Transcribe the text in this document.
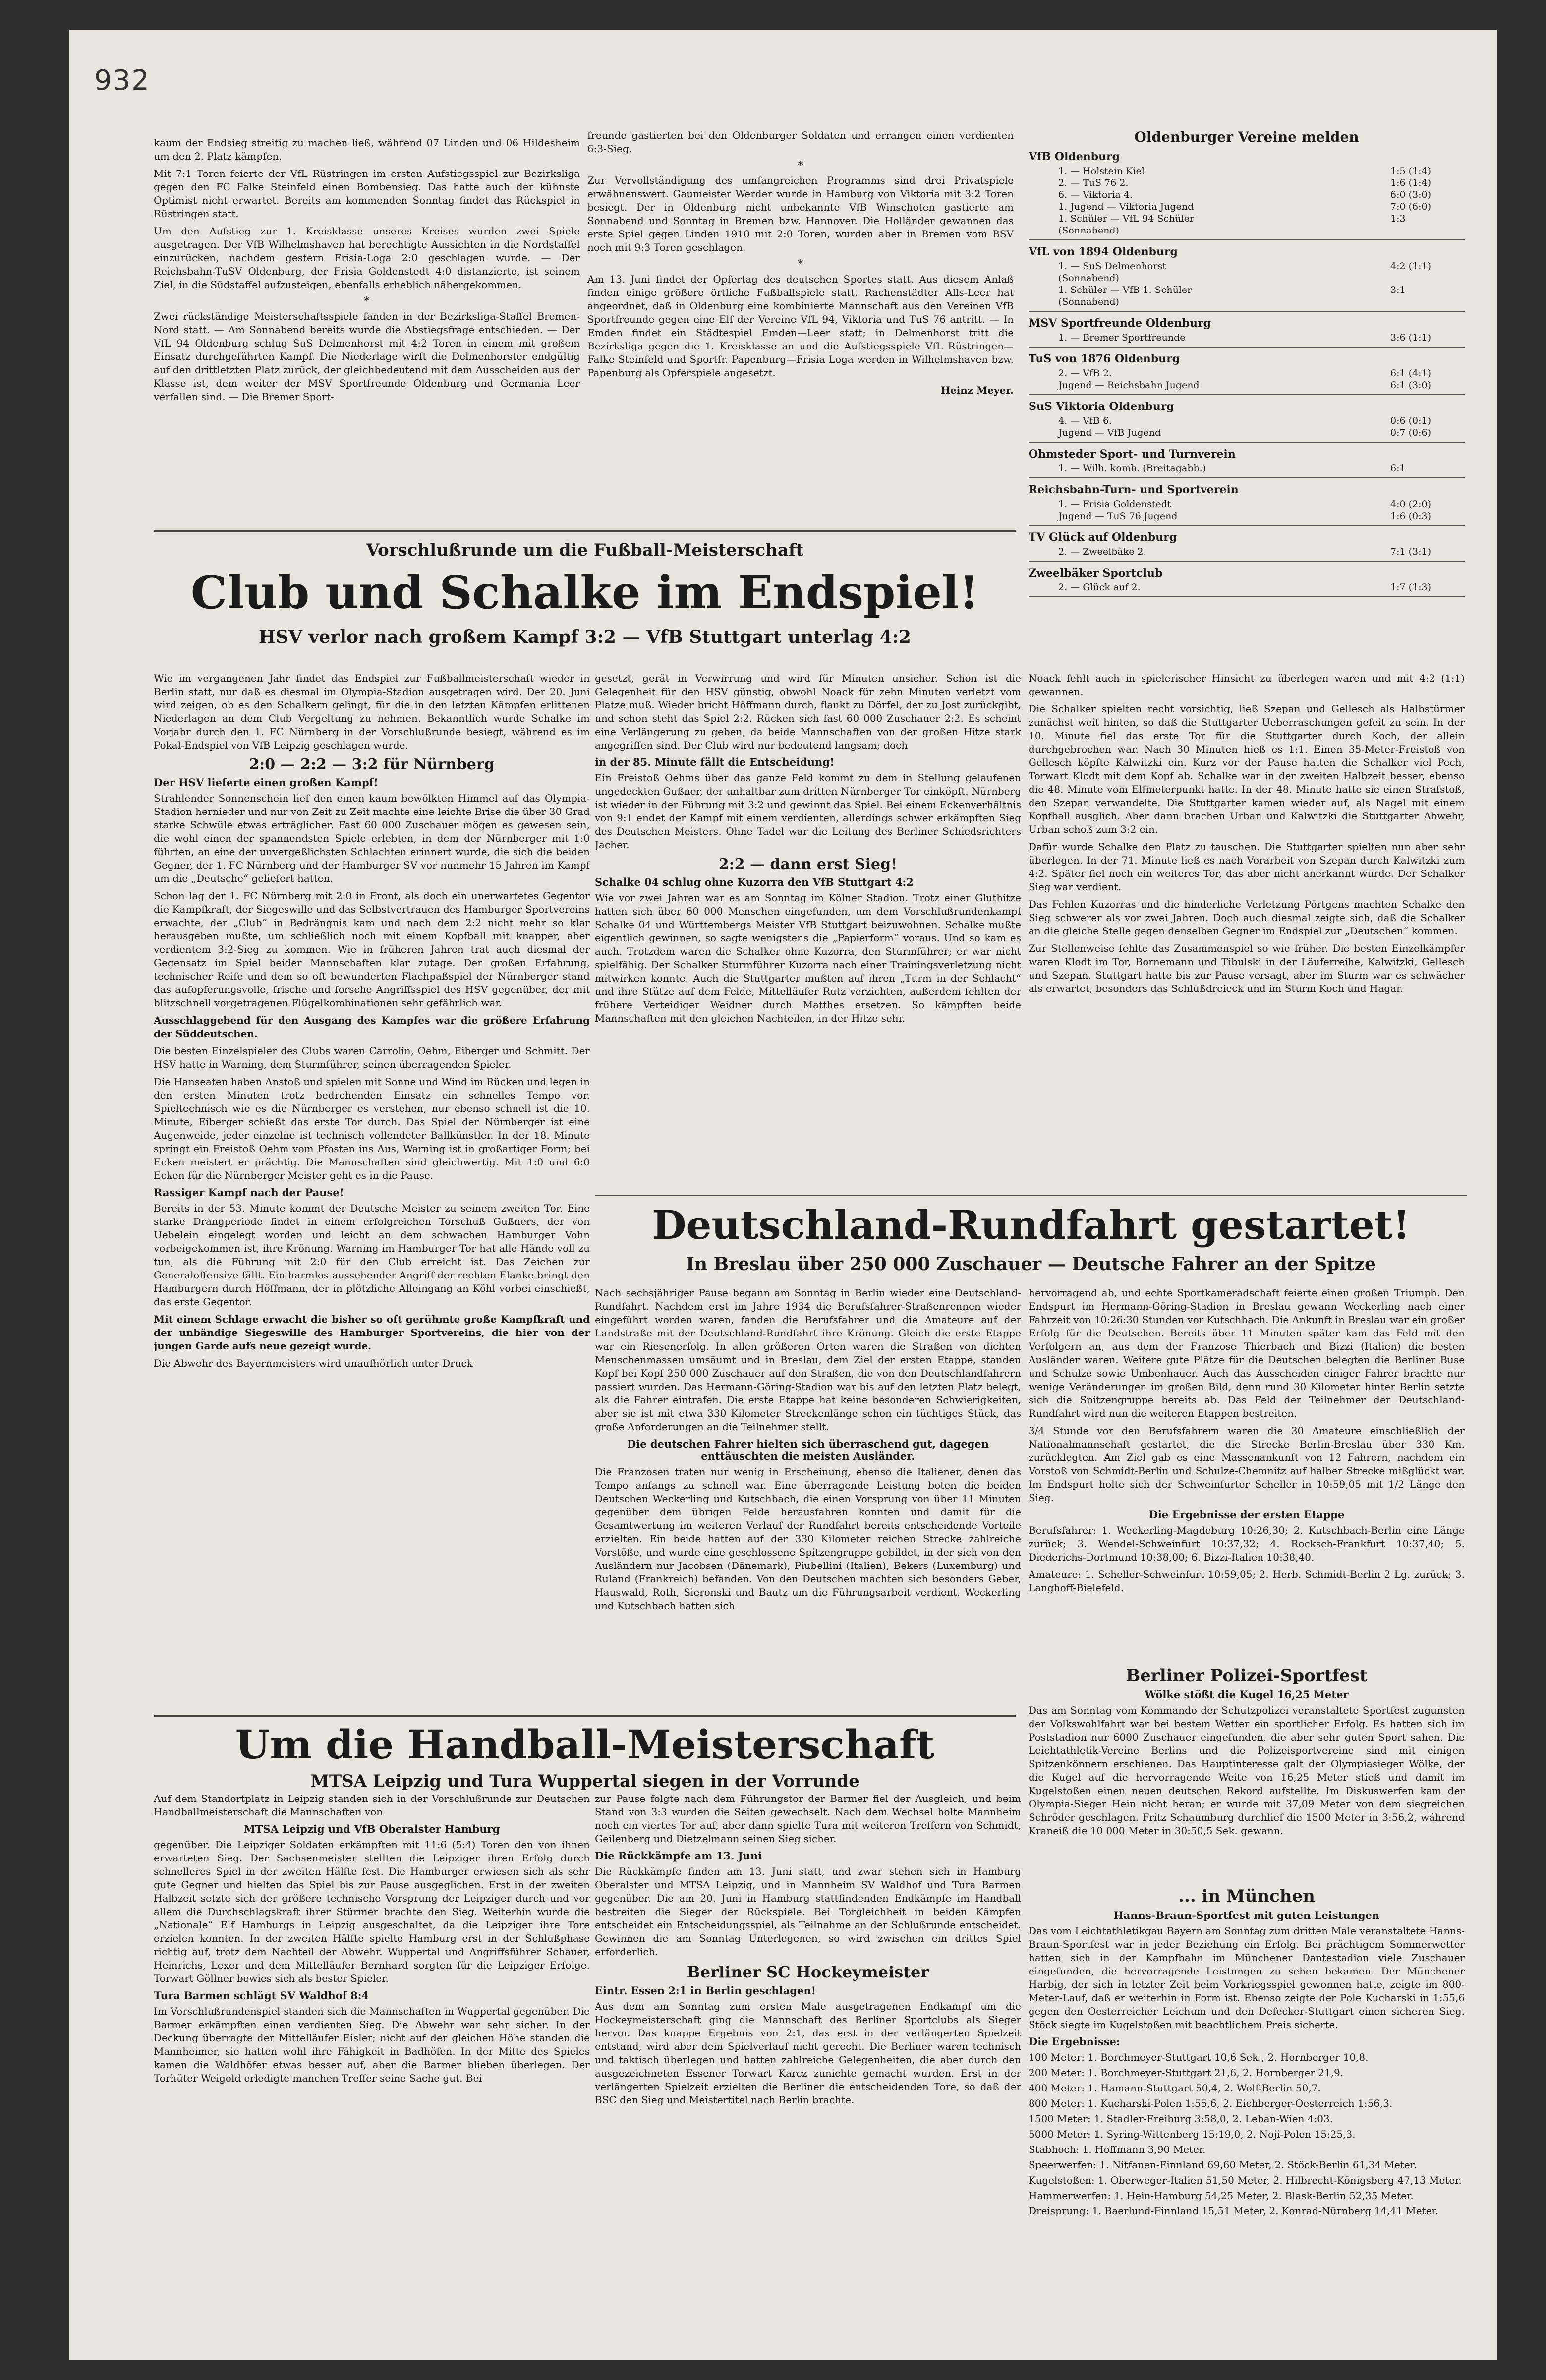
932

kaum der Endsieg streitig zu machen ließ, während 07 Linden und 06 Hildesheim um den 2. Platz kämpfen.

Mit 7:1 Toren feierte der VfL Rüstringen im ersten Aufstiegsspiel zur Bezirksliga gegen den FC Falke Steinfeld einen Bombensieg. Das hatte auch der kühnste Optimist nicht erwartet. Bereits am kommenden Sonntag findet das Rückspiel in Rüstringen statt.

Um den Aufstieg zur 1. Kreisklasse unseres Kreises wurden zwei Spiele ausgetragen. Der VfB Wilhelmshaven hat berechtigte Aussichten in die Nordstaffel einzurücken, nachdem gestern Frisia-Loga 2:0 geschlagen wurde. — Der Reichsbahn-TuSV Oldenburg, der Frisia Goldenstedt 4:0 distanzierte, ist seinem Ziel, in die Südstaffel aufzusteigen, ebenfalls erheblich nähergekommen.

*

Zwei rückständige Meisterschaftsspiele fanden in der Bezirksliga-Staffel Bremen-Nord statt. — Am Sonnabend bereits wurde die Abstiegsfrage entschieden. — Der VfL 94 Oldenburg schlug SuS Delmenhorst mit 4:2 Toren in einem mit großem Einsatz durchgeführten Kampf. Die Niederlage wirft die Delmenhorster endgültig auf den drittletzten Platz zurück, der gleichbedeutend mit dem Ausscheiden aus der Klasse ist, dem weiter der MSV Sportfreunde Oldenburg und Germania Leer verfallen sind. — Die Bremer Sport-

freunde gastierten bei den Oldenburger Soldaten und errangen einen verdienten 6:3-Sieg.

*

Zur Vervollständigung des umfangreichen Programms sind drei Privatspiele erwähnenswert. Gaumeister Werder wurde in Hamburg von Viktoria mit 3:2 Toren besiegt. Der in Oldenburg nicht unbekannte VfB Winschoten gastierte am Sonnabend und Sonntag in Bremen bzw. Hannover. Die Holländer gewannen das erste Spiel gegen Linden 1910 mit 2:0 Toren, wurden aber in Bremen vom BSV noch mit 9:3 Toren geschlagen.

*

Am 13. Juni findet der Opfertag des deutschen Sportes statt. Aus diesem Anlaß finden einige größere örtliche Fußballspiele statt. Rachenstädter Alls-Leer hat angeordnet, daß in Oldenburg eine kombinierte Mannschaft aus den Vereinen VfB Sportfreunde gegen eine Elf der Vereine VfL 94, Viktoria und TuS 76 antritt. — In Emden findet ein Städtespiel Emden—Leer statt; in Delmenhorst tritt die Bezirksliga gegen die 1. Kreisklasse an und die Aufstiegsspiele VfL Rüstringen—Falke Steinfeld und Sportfr. Papenburg—Frisia Loga werden in Wilhelmshaven bzw. Papenburg als Opferspiele angesetzt.

Heinz Meyer.

Oldenburger Vereine melden
VfB Oldenburg
1. — Holstein Kiel	1:5 (1:4)
2. — TuS 76 2.	1:6 (1:4)
6. — Viktoria 4.	6:0 (3:0)
1. Jugend — Viktoria Jugend	7:0 (6:0)
1. Schüler — VfL 94 Schüler	1:3
(Sonnabend)
VfL von 1894 Oldenburg
1. — SuS Delmenhorst	4:2 (1:1)
(Sonnabend)
1. Schüler — VfB 1. Schüler	3:1
(Sonnabend)
MSV Sportfreunde Oldenburg
1. — Bremer Sportfreunde	3:6 (1:1)
TuS von 1876 Oldenburg
2. — VfB 2.	6:1 (4:1)
Jugend — Reichsbahn Jugend	6:1 (3:0)
SuS Viktoria Oldenburg
4. — VfB 6.	0:6 (0:1)
Jugend — VfB Jugend	0:7 (0:6)
Ohmsteder Sport- und Turnverein
1. — Wilh. komb. (Breitagabb.)	6:1
Reichsbahn-Turn- und Sportverein
1. — Frisia Goldenstedt	4:0 (2:0)
Jugend — TuS 76 Jugend	1:6 (0:3)
TV Glück auf Oldenburg
2. — Zweelbäke 2.	7:1 (3:1)
Zweelbäker Sportclub
2. — Glück auf 2.	1:7 (1:3)
Vorschlußrunde um die Fußball-Meisterschaft
Club und Schalke im Endspiel!
HSV verlor nach großem Kampf 3:2 — VfB Stuttgart unterlag 4:2

Wie im vergangenen Jahr findet das Endspiel zur Fußballmeisterschaft wieder in Berlin statt, nur daß es diesmal im Olympia-Stadion ausgetragen wird. Der 20. Juni wird zeigen, ob es den Schalkern gelingt, für die in den letzten Kämpfen erlittenen Niederlagen an dem Club Vergeltung zu nehmen. Bekanntlich wurde Schalke im Vorjahr durch den 1. FC Nürnberg in der Vorschlußrunde besiegt, während es im Pokal-Endspiel von VfB Leipzig geschlagen wurde.

2:0 — 2:2 — 3:2 für Nürnberg
Der HSV lieferte einen großen Kampf!

Strahlender Sonnenschein lief den einen kaum bewölkten Himmel auf das Olympia-Stadion hernieder und nur von Zeit zu Zeit machte eine leichte Brise die über 30 Grad starke Schwüle etwas erträglicher. Fast 60 000 Zuschauer mögen es gewesen sein, die wohl einen der spannendsten Spiele erlebten, in dem der Nürnberger mit 1:0 führten, an eine der unvergeßlichsten Schlachten erinnert wurde, die sich die beiden Gegner, der 1. FC Nürnberg und der Hamburger SV vor nunmehr 15 Jahren im Kampf um die „Deutsche“ geliefert hatten.

Schon lag der 1. FC Nürnberg mit 2:0 in Front, als doch ein unerwartetes Gegentor die Kampfkraft, der Siegeswille und das Selbstvertrauen des Hamburger Sportvereins erwachte, der „Club“ in Bedrängnis kam und nach dem 2:2 nicht mehr so klar herausgeben mußte, um schließlich noch mit einem Kopfball mit knapper, aber verdientem 3:2-Sieg zu kommen. Wie in früheren Jahren trat auch diesmal der Gegensatz im Spiel beider Mannschaften klar zutage. Der großen Erfahrung, technischer Reife und dem so oft bewunderten Flachpaßspiel der Nürnberger stand das aufopferungsvolle, frische und forsche Angriffsspiel des HSV gegenüber, der mit blitzschnell vorgetragenen Flügelkombinationen sehr gefährlich war.

Ausschlaggebend für den Ausgang des Kampfes war die größere Erfahrung der Süddeutschen.

Die besten Einzelspieler des Clubs waren Carrolin, Oehm, Eiberger und Schmitt. Der HSV hatte in Warning, dem Sturmführer, seinen überragenden Spieler.

Die Hanseaten haben Anstoß und spielen mit Sonne und Wind im Rücken und legen in den ersten Minuten trotz bedrohenden Einsatz ein schnelles Tempo vor. Spieltechnisch wie es die Nürnberger es verstehen, nur ebenso schnell ist die 10. Minute, Eiberger schießt das erste Tor durch. Das Spiel der Nürnberger ist eine Augenweide, jeder einzelne ist technisch vollendeter Ballkünstler. In der 18. Minute springt ein Freistoß Oehm vom Pfosten ins Aus, Warning ist in großartiger Form; bei Ecken meistert er prächtig. Die Mannschaften sind gleichwertig. Mit 1:0 und 6:0 Ecken für die Nürnberger Meister geht es in die Pause.

Rassiger Kampf nach der Pause!

Bereits in der 53. Minute kommt der Deutsche Meister zu seinem zweiten Tor. Eine starke Drangperiode findet in einem erfolgreichen Torschuß Gußners, der von Uebelein eingelegt worden und leicht an dem schwachen Hamburger Vohn vorbeigekommen ist, ihre Krönung. Warning im Hamburger Tor hat alle Hände voll zu tun, als die Führung mit 2:0 für den Club erreicht ist. Das Zeichen zur Generaloffensive fällt. Ein harmlos aussehender Angriff der rechten Flanke bringt den Hamburgern durch Höffmann, der in plötzliche Alleingang an Köhl vorbei einschießt, das erste Gegentor.

Mit einem Schlage erwacht die bisher so oft gerühmte große Kampfkraft und der unbändige Siegeswille des Hamburger Sportvereins, die hier von der jungen Garde aufs neue gezeigt wurde.

Die Abwehr des Bayernmeisters wird unaufhörlich unter Druck

gesetzt, gerät in Verwirrung und wird für Minuten unsicher. Schon ist die Gelegenheit für den HSV günstig, obwohl Noack für zehn Minuten verletzt vom Platze muß. Wieder bricht Höffmann durch, flankt zu Dörfel, der zu Jost zurückgibt, und schon steht das Spiel 2:2. Rücken sich fast 60 000 Zuschauer 2:2. Es scheint eine Verlängerung zu geben, da beide Mannschaften von der großen Hitze stark angegriffen sind. Der Club wird nur bedeutend langsam; doch

in der 85. Minute fällt die Entscheidung!

Ein Freistoß Oehms über das ganze Feld kommt zu dem in Stellung gelaufenen ungedeckten Gußner, der unhaltbar zum dritten Nürnberger Tor einköpft. Nürnberg ist wieder in der Führung mit 3:2 und gewinnt das Spiel. Bei einem Eckenverhältnis von 9:1 endet der Kampf mit einem verdienten, allerdings schwer erkämpften Sieg des Deutschen Meisters. Ohne Tadel war die Leitung des Berliner Schiedsrichters Jacher.

2:2 — dann erst Sieg!
Schalke 04 schlug ohne Kuzorra den VfB Stuttgart 4:2

Wie vor zwei Jahren war es am Sonntag im Kölner Stadion. Trotz einer Gluthitze hatten sich über 60 000 Menschen eingefunden, um dem Vorschlußrundenkampf Schalke 04 und Württembergs Meister VfB Stuttgart beizuwohnen. Schalke mußte eigentlich gewinnen, so sagte wenigstens die „Papierform“ voraus. Und so kam es auch. Trotzdem waren die Schalker ohne Kuzorra, den Sturmführer; er war nicht spielfähig. Der Schalker Sturmführer Kuzorra nach einer Trainingsverletzung nicht mitwirken konnte. Auch die Stuttgarter mußten auf ihren „Turm in der Schlacht“ und ihre Stütze auf dem Felde, Mittelläufer Rutz verzichten, außerdem fehlten der frühere Verteidiger Weidner durch Matthes ersetzen. So kämpften beide Mannschaften mit den gleichen Nachteilen, in der Hitze sehr.

Noack fehlt auch in spielerischer Hinsicht zu überlegen waren und mit 4:2 (1:1) gewannen.

Die Schalker spielten recht vorsichtig, ließ Szepan und Gellesch als Halbstürmer zunächst weit hinten, so daß die Stuttgarter Ueberraschungen gefeit zu sein. In der 10. Minute fiel das erste Tor für die Stuttgarter durch Koch, der allein durchgebrochen war. Nach 30 Minuten hieß es 1:1. Einen 35-Meter-Freistoß von Gellesch köpfte Kalwitzki ein. Kurz vor der Pause hatten die Schalker viel Pech, Torwart Klodt mit dem Kopf ab. Schalke war in der zweiten Halbzeit besser, ebenso die 48. Minute vom Elfmeterpunkt hatte. In der 48. Minute hatte sie einen Strafstoß, den Szepan verwandelte. Die Stuttgarter kamen wieder auf, als Nagel mit einem Kopfball ausglich. Aber dann brachen Urban und Kalwitzki die Stuttgarter Abwehr, Urban schoß zum 3:2 ein.

Dafür wurde Schalke den Platz zu tauschen. Die Stuttgarter spielten nun aber sehr überlegen. In der 71. Minute ließ es nach Vorarbeit von Szepan durch Kalwitzki zum 4:2. Später fiel noch ein weiteres Tor, das aber nicht anerkannt wurde. Der Schalker Sieg war verdient.

Das Fehlen Kuzorras und die hinderliche Verletzung Pörtgens machten Schalke den Sieg schwerer als vor zwei Jahren. Doch auch diesmal zeigte sich, daß die Schalker an die gleiche Stelle gegen denselben Gegner im Endspiel zur „Deutschen“ kommen.

Zur Stellenweise fehlte das Zusammenspiel so wie früher. Die besten Einzelkämpfer waren Klodt im Tor, Bornemann und Tibulski in der Läuferreihe, Kalwitzki, Gellesch und Szepan. Stuttgart hatte bis zur Pause versagt, aber im Sturm war es schwächer als erwartet, besonders das Schlußdreieck und im Sturm Koch und Hagar.

Deutschland-Rundfahrt gestartet!
In Breslau über 250 000 Zuschauer — Deutsche Fahrer an der Spitze

Nach sechsjähriger Pause begann am Sonntag in Berlin wieder eine Deutschland-Rundfahrt. Nachdem erst im Jahre 1934 die Berufsfahrer-Straßenrennen wieder eingeführt worden waren, fanden die Berufsfahrer und die Amateure auf der Landstraße mit der Deutschland-Rundfahrt ihre Krönung. Gleich die erste Etappe war ein Riesenerfolg. In allen größeren Orten waren die Straßen von dichten Menschenmassen umsäumt und in Breslau, dem Ziel der ersten Etappe, standen Kopf bei Kopf 250 000 Zuschauer auf den Straßen, die von den Deutschlandfahrern passiert wurden. Das Hermann-Göring-Stadion war bis auf den letzten Platz belegt, als die Fahrer eintrafen. Die erste Etappe hat keine besonderen Schwierigkeiten, aber sie ist mit etwa 330 Kilometer Streckenlänge schon ein tüchtiges Stück, das große Anforderungen an die Teilnehmer stellt.

Die deutschen Fahrer hielten sich überraschend gut, dagegen enttäuschten die meisten Ausländer.

Die Franzosen traten nur wenig in Erscheinung, ebenso die Italiener, denen das Tempo anfangs zu schnell war. Eine überragende Leistung boten die beiden Deutschen Weckerling und Kutschbach, die einen Vorsprung von über 11 Minuten gegenüber dem übrigen Felde herausfahren konnten und damit für die Gesamtwertung im weiteren Verlauf der Rundfahrt bereits entscheidende Vorteile erzielten. Ein beide hatten auf der 330 Kilometer reichen Strecke zahlreiche Vorstöße, und wurde eine geschlossene Spitzengruppe gebildet, in der sich von den Ausländern nur Jacobsen (Dänemark), Piubellini (Italien), Bekers (Luxemburg) und Ruland (Frankreich) befanden. Von den Deutschen machten sich besonders Geber, Hauswald, Roth, Sieronski und Bautz um die Führungsarbeit verdient. Weckerling und Kutschbach hatten sich

hervorragend ab, und echte Sportkameradschaft feierte einen großen Triumph. Den Endspurt im Hermann-Göring-Stadion in Breslau gewann Weckerling nach einer Fahrzeit von 10:26:30 Stunden vor Kutschbach. Die Ankunft in Breslau war ein großer Erfolg für die Deutschen. Bereits über 11 Minuten später kam das Feld mit den Verfolgern an, aus dem der Franzose Thierbach und Bizzi (Italien) die besten Ausländer waren. Weitere gute Plätze für die Deutschen belegten die Berliner Buse und Schulze sowie Umbenhauer. Auch das Ausscheiden einiger Fahrer brachte nur wenige Veränderungen im großen Bild, denn rund 30 Kilometer hinter Berlin setzte sich die Spitzengruppe bereits ab. Das Feld der Teilnehmer der Deutschland-Rundfahrt wird nun die weiteren Etappen bestreiten.

3/4 Stunde vor den Berufsfahrern waren die 30 Amateure einschließlich der Nationalmannschaft gestartet, die die Strecke Berlin-Breslau über 330 Km. zurücklegten. Am Ziel gab es eine Massenankunft von 12 Fahrern, nachdem ein Vorstoß von Schmidt-Berlin und Schulze-Chemnitz auf halber Strecke mißglückt war. Im Endspurt holte sich der Schweinfurter Scheller in 10:59,05 mit 1/2 Länge den Sieg.

Die Ergebnisse der ersten Etappe

Berufsfahrer: 1. Weckerling-Magdeburg 10:26,30; 2. Kutschbach-Berlin eine Länge zurück; 3. Wendel-Schweinfurt 10:37,32; 4. Rocksch-Frankfurt 10:37,40; 5. Diederichs-Dortmund 10:38,00; 6. Bizzi-Italien 10:38,40.

Amateure: 1. Scheller-Schweinfurt 10:59,05; 2. Herb. Schmidt-Berlin 2 Lg. zurück; 3. Langhoff-Bielefeld.

Berliner Polizei-Sportfest
Wölke stößt die Kugel 16,25 Meter

Das am Sonntag vom Kommando der Schutzpolizei veranstaltete Sportfest zugunsten der Volkswohlfahrt war bei bestem Wetter ein sportlicher Erfolg. Es hatten sich im Poststadion nur 6000 Zuschauer eingefunden, die aber sehr guten Sport sahen. Die Leichtathletik-Vereine Berlins und die Polizeisportvereine sind mit einigen Spitzenkönnern erschienen. Das Hauptinteresse galt der Olympiasieger Wölke, der die Kugel auf die hervorragende Weite von 16,25 Meter stieß und damit im Kugelstoßen einen neuen deutschen Rekord aufstellte. Im Diskuswerfen kam der Olympia-Sieger Hein nicht heran; er wurde mit 37,09 Meter von dem siegreichen Schröder geschlagen. Fritz Schaumburg durchlief die 1500 Meter in 3:56,2, während Kraneiß die 10 000 Meter in 30:50,5 Sek. gewann.

Um die Handball-Meisterschaft
MTSA Leipzig und Tura Wuppertal siegen in der Vorrunde

Auf dem Standortplatz in Leipzig standen sich in der Vorschlußrunde zur Deutschen Handballmeisterschaft die Mannschaften von

MTSA Leipzig und VfB Oberalster Hamburg

gegenüber. Die Leipziger Soldaten erkämpften mit 11:6 (5:4) Toren den von ihnen erwarteten Sieg. Der Sachsenmeister stellten die Leipziger ihren Erfolg durch schnelleres Spiel in der zweiten Hälfte fest. Die Hamburger erwiesen sich als sehr gute Gegner und hielten das Spiel bis zur Pause ausgeglichen. Erst in der zweiten Halbzeit setzte sich der größere technische Vorsprung der Leipziger durch und vor allem die Durchschlagskraft ihrer Stürmer brachte den Sieg. Weiterhin wurde die „Nationale“ Elf Hamburgs in Leipzig ausgeschaltet, da die Leipziger ihre Tore erzielen konnten. In der zweiten Hälfte spielte Hamburg erst in der Schlußphase richtig auf, trotz dem Nachteil der Abwehr. Wuppertal und Angriffsführer Schauer, Heinrichs, Lexer und dem Mittelläufer Bernhard sorgten für die Leipziger Erfolge. Torwart Göllner bewies sich als bester Spieler.

Tura Barmen schlägt SV Waldhof 8:4

Im Vorschlußrundenspiel standen sich die Mannschaften in Wuppertal gegenüber. Die Barmer erkämpften einen verdienten Sieg. Die Abwehr war sehr sicher. In der Deckung überragte der Mittelläufer Eisler; nicht auf der gleichen Höhe standen die Mannheimer, sie hatten wohl ihre Fähigkeit in Badhöfen. In der Mitte des Spieles kamen die Waldhöfer etwas besser auf, aber die Barmer blieben überlegen. Der Torhüter Weigold erledigte manchen Treffer seine Sache gut. Bei

zur Pause folgte nach dem Führungstor der Barmer fiel der Ausgleich, und beim Stand von 3:3 wurden die Seiten gewechselt. Nach dem Wechsel holte Mannheim noch ein viertes Tor auf, aber dann spielte Tura mit weiteren Treffern von Schmidt, Geilenberg und Dietzelmann seinen Sieg sicher.

Die Rückkämpfe am 13. Juni

Die Rückkämpfe finden am 13. Juni statt, und zwar stehen sich in Hamburg Oberalster und MTSA Leipzig, und in Mannheim SV Waldhof und Tura Barmen gegenüber. Die am 20. Juni in Hamburg stattfindenden Endkämpfe im Handball bestreiten die Sieger der Rückspiele. Bei Torgleichheit in beiden Kämpfen entscheidet ein Entscheidungsspiel, als Teilnahme an der Schlußrunde entscheidet. Gewinnen die am Sonntag Unterlegenen, so wird zwischen ein drittes Spiel erforderlich.

Berliner SC Hockeymeister
Eintr. Essen 2:1 in Berlin geschlagen!

Aus dem am Sonntag zum ersten Male ausgetragenen Endkampf um die Hockeymeisterschaft ging die Mannschaft des Berliner Sportclubs als Sieger hervor. Das knappe Ergebnis von 2:1, das erst in der verlängerten Spielzeit entstand, wird aber dem Spielverlauf nicht gerecht. Die Berliner waren technisch und taktisch überlegen und hatten zahlreiche Gelegenheiten, die aber durch den ausgezeichneten Essener Torwart Karcz zunichte gemacht wurden. Erst in der verlängerten Spielzeit erzielten die Berliner die entscheidenden Tore, so daß der BSC den Sieg und Meistertitel nach Berlin brachte.

... in München
Hanns-Braun-Sportfest mit guten Leistungen

Das vom Leichtathletikgau Bayern am Sonntag zum dritten Male veranstaltete Hanns-Braun-Sportfest war in jeder Beziehung ein Erfolg. Bei prächtigem Sommerwetter hatten sich in der Kampfbahn im Münchener Dantestadion viele Zuschauer eingefunden, die hervorragende Leistungen zu sehen bekamen. Der Münchener Harbig, der sich in letzter Zeit beim Vorkriegsspiel gewonnen hatte, zeigte im 800-Meter-Lauf, daß er weiterhin in Form ist. Ebenso zeigte der Pole Kucharski in 1:55,6 gegen den Oesterreicher Leichum und den Defecker-Stuttgart einen sicheren Sieg. Stöck siegte im Kugelstoßen mit beachtlichem Preis sicherte.

Die Ergebnisse:

100 Meter: 1. Borchmeyer-Stuttgart 10,6 Sek., 2. Hornberger 10,8.

200 Meter: 1. Borchmeyer-Stuttgart 21,6, 2. Hornberger 21,9.

400 Meter: 1. Hamann-Stuttgart 50,4, 2. Wolf-Berlin 50,7.

800 Meter: 1. Kucharski-Polen 1:55,6, 2. Eichberger-Oesterreich 1:56,3.

1500 Meter: 1. Stadler-Freiburg 3:58,0, 2. Leban-Wien 4:03.

5000 Meter: 1. Syring-Wittenberg 15:19,0, 2. Noji-Polen 15:25,3.

Stabhoch: 1. Hoffmann 3,90 Meter.

Speerwerfen: 1. Nitfanen-Finnland 69,60 Meter, 2. Stöck-Berlin 61,34 Meter.

Kugelstoßen: 1. Oberweger-Italien 51,50 Meter, 2. Hilbrecht-Königsberg 47,13 Meter.

Hammerwerfen: 1. Hein-Hamburg 54,25 Meter, 2. Blask-Berlin 52,35 Meter.

Dreisprung: 1. Baerlund-Finnland 15,51 Meter, 2. Konrad-Nürnberg 14,41 Meter.
